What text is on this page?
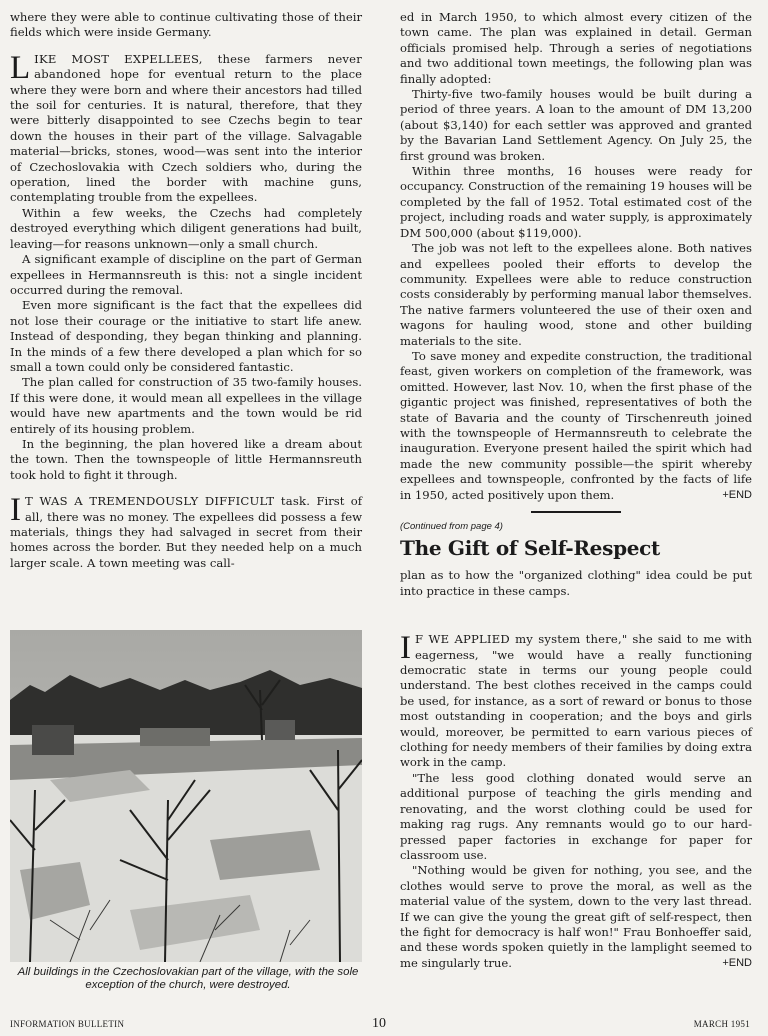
where they were able to continue cultivating those of their fields which were inside Germany.

LIKE MOST EXPELLEES, these farmers never abandoned hope for eventual return to the place where they were born and where their ancestors had tilled the soil for centuries. It is natural, therefore, that they were bitterly disappointed to see Czechs begin to tear down the houses in their part of the village. Salvagable material—bricks, stones, wood—was sent into the interior of Czechoslovakia with Czech soldiers who, during the operation, lined the border with machine guns, contemplating trouble from the expellees.

Within a few weeks, the Czechs had completely destroyed everything which diligent generations had built, leaving—for reasons unknown—only a small church.

A significant example of discipline on the part of German expellees in Hermannsreuth is this: not a single incident occurred during the removal.

Even more significant is the fact that the expellees did not lose their courage or the initiative to start life anew. Instead of desponding, they began thinking and planning. In the minds of a few there developed a plan which for so small a town could only be considered fantastic.

The plan called for construction of 35 two-family houses. If this were done, it would mean all expellees in the village would have new apartments and the town would be rid entirely of its housing problem.

In the beginning, the plan hovered like a dream about the town. Then the townspeople of little Hermannsreuth took hold to fight it through.

I T WAS A TREMENDOUSLY DIFFICULT task. First of all, there was no money. The expellees did possess a few materials, things they had salvaged in secret from their homes across the border. But they needed help on a much larger scale. A town meeting was call-

All buildings in the Czechoslovakian part of the village, with the sole exception of the church, were destroyed.

ed in March 1950, to which almost every citizen of the town came. The plan was explained in detail. German officials promised help. Through a series of negotiations and two additional town meetings, the following plan was finally adopted:

Thirty-five two-family houses would be built during a period of three years. A loan to the amount of DM 13,200 (about $3,140) for each settler was approved and granted by the Bavarian Land Settlement Agency. On July 25, the first ground was broken.

Within three months, 16 houses were ready for occupancy. Construction of the remaining 19 houses will be completed by the fall of 1952. Total estimated cost of the project, including roads and water supply, is approximately DM 500,000 (about $119,000).

The job was not left to the expellees alone. Both natives and expellees pooled their efforts to develop the community. Expellees were able to reduce construction costs considerably by performing manual labor themselves. The native farmers volunteered the use of their oxen and wagons for hauling wood, stone and other building materials to the site.

To save money and expedite construction, the traditional feast, given workers on completion of the framework, was omitted. However, last Nov. 10, when the first phase of the gigantic project was finished, representatives of both the state of Bavaria and the county of Tirschenreuth joined with the townspeople of Hermannsreuth to celebrate the inauguration. Everyone present hailed the spirit which had made the new community possible—the spirit whereby expellees and townspeople, confronted by the facts of life in 1950, acted positively upon them.	+END

(Continued from page 4)
The Gift of Self-Respect

plan as to how the "organized clothing" idea could be put into practice in these camps.

I F WE APPLIED my system there," she said to me with eagerness, "we would have a really functioning democratic state in terms our young people could understand. The best clothes received in the camps could be used, for instance, as a sort of reward or bonus to those most outstanding in cooperation; and the boys and girls would, moreover, be permitted to earn various pieces of clothing for needy members of their families by doing extra work in the camp.

"The less good clothing donated would serve an additional purpose of teaching the girls mending and renovating, and the worst clothing could be used for making rag rugs. Any remnants would go to our hard-pressed paper factories in exchange for paper for classroom use.

"Nothing would be given for nothing, you see, and the clothes would serve to prove the moral, as well as the material value of the system, down to the very last thread. If we can give the young the great gift of self-respect, then the fight for democracy is half won!" Frau Bonhoeffer said, and these words spoken quietly in the lamplight seemed to me singularly true.	+END

INFORMATION BULLETIN	10	MARCH 1951
